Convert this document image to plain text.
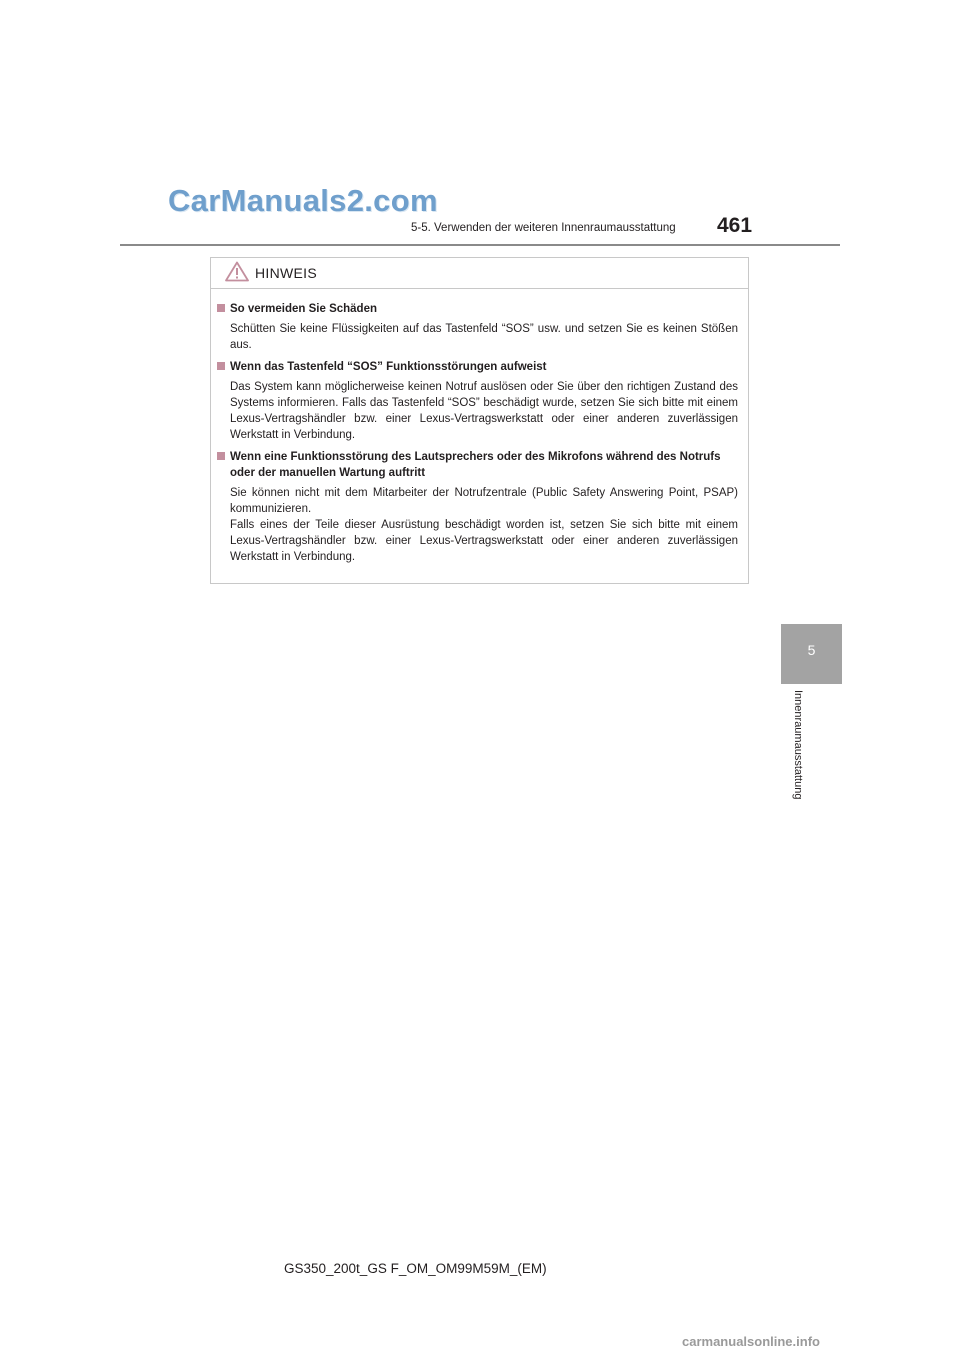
CarManuals2.com
5-5. Verwenden der weiteren Innenraumausstattung 461
5
Innenraumausstattung
HINWEIS
So vermeiden Sie Schäden
Schütten Sie keine Flüssigkeiten auf das Tastenfeld “SOS” usw. und setzen Sie es keinen Stößen aus.
Wenn das Tastenfeld “SOS” Funktionsstörungen aufweist
Das System kann möglicherweise keinen Notruf auslösen oder Sie über den richtigen Zustand des Systems informieren. Falls das Tastenfeld “SOS” beschädigt wurde, setzen Sie sich bitte mit einem Lexus-Vertragshändler bzw. einer Lexus-Vertragswerkstatt oder einer anderen zuverlässigen Werkstatt in Verbindung.
Wenn eine Funktionsstörung des Lautsprechers oder des Mikrofons während des Notrufs oder der manuellen Wartung auftritt
Sie können nicht mit dem Mitarbeiter der Notrufzentrale (Public Safety Answering Point, PSAP) kommunizieren.
Falls eines der Teile dieser Ausrüstung beschädigt worden ist, setzen Sie sich bitte mit einem Lexus-Vertragshändler bzw. einer Lexus-Vertragswerkstatt oder einer anderen zuverlässigen Werkstatt in Verbindung.
GS350_200t_GS F_OM_OM99M59M_(EM)
carmanualsonline.info
